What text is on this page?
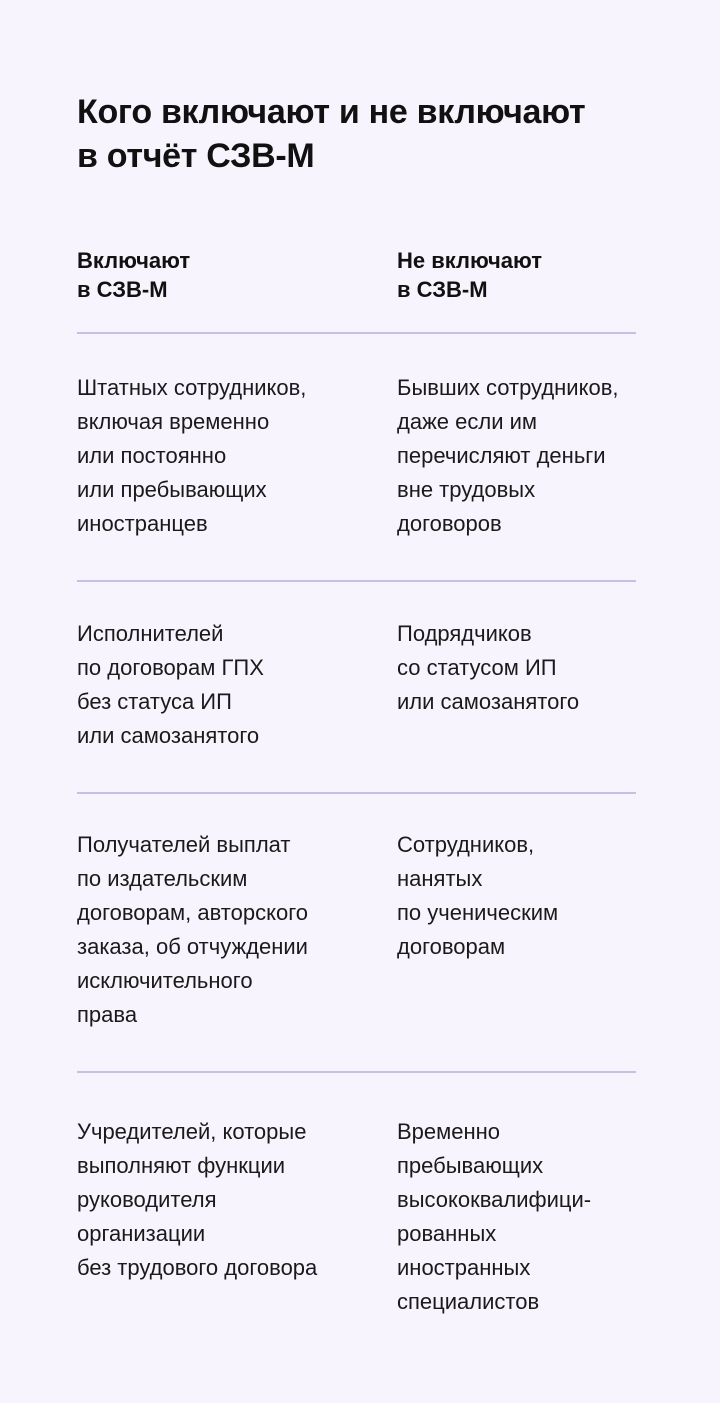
Кого включают и не включают
в отчёт СЗВ-М
Включают
в СЗВ-М
Не включают
в СЗВ-М
Штатных сотрудников,
включая временно
или постоянно
или пребывающих
иностранцев
Бывших сотрудников,
даже если им
перечисляют деньги
вне трудовых
договоров
Исполнителей
по договорам ГПХ
без статуса ИП
или самозанятого
Подрядчиков
со статусом ИП
или самозанятого
Получателей выплат
по издательским
договорам, авторского
заказа, об отчуждении
исключительного
права
Сотрудников,
нанятых
по ученическим
договорам
Учредителей, которые
выполняют функции
руководителя
организации
без трудового договора
Временно
пребывающих
высококвалифици-
рованных
иностранных
специалистов
